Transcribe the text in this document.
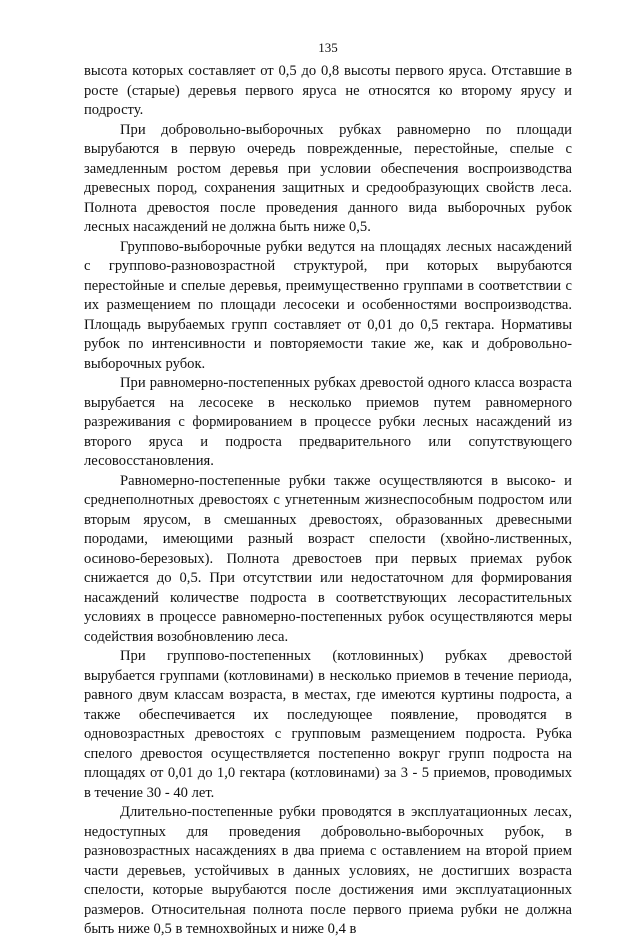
135

высота которых составляет от 0,5 до 0,8 высоты первого яруса. Отставшие в росте (старые) деревья первого яруса не относятся ко второму ярусу и подросту.

При добровольно-выборочных рубках равномерно по площади вырубаются в первую очередь поврежденные, перестойные, спелые с замедленным ростом деревья при условии обеспечения воспроизводства древесных пород, сохранения защитных и средообразующих свойств леса. Полнота древостоя после проведения данного вида выборочных рубок лесных насаждений не должна быть ниже 0,5.

Группово-выборочные рубки ведутся на площадях лесных насаждений с группово-разновозрастной структурой, при которых вырубаются перестойные и спелые деревья, преимущественно группами в соответствии с их размещением по площади лесосеки и особенностями воспроизводства. Площадь вырубаемых групп составляет от 0,01 до 0,5 гектара. Нормативы рубок по интенсивности и повторяемости такие же, как и добровольно-выборочных рубок.

При равномерно-постепенных рубках древостой одного класса возраста вырубается на лесосеке в несколько приемов путем равномерного разреживания с формированием в процессе рубки лесных насаждений из второго яруса и подроста предварительного или сопутствующего лесовосстановления.

Равномерно-постепенные рубки также осуществляются в высоко- и среднеполнотных древостоях с угнетенным жизнеспособным подростом или вторым ярусом, в смешанных древостоях, образованных древесными породами, имеющими разный возраст спелости (хвойно-лиственных, осиново-березовых). Полнота древостоев при первых приемах рубок снижается до 0,5. При отсутствии или недостаточном для формирования насаждений количестве подроста в соответствующих лесорастительных условиях в процессе равномерно-постепенных рубок осуществляются меры содействия возобновлению леса.

При группово-постепенных (котловинных) рубках древостой вырубается группами (котловинами) в несколько приемов в течение периода, равного двум классам возраста, в местах, где имеются куртины подроста, а также обеспечивается их последующее появление, проводятся в одновозрастных древостоях с групповым размещением подроста. Рубка спелого древостоя осуществляется постепенно вокруг групп подроста на площадях от 0,01 до 1,0 гектара (котловинами) за 3 - 5 приемов, проводимых в течение 30 - 40 лет.

Длительно-постепенные рубки проводятся в эксплуатационных лесах, недоступных для проведения добровольно-выборочных рубок, в разновозрастных насаждениях в два приема с оставлением на второй прием части деревьев, устойчивых в данных условиях, не достигших возраста спелости, которые вырубаются после достижения ими эксплуатационных размеров. Относительная полнота после первого приема рубки не должна быть ниже 0,5 в темнохвойных и ниже 0,4 в
